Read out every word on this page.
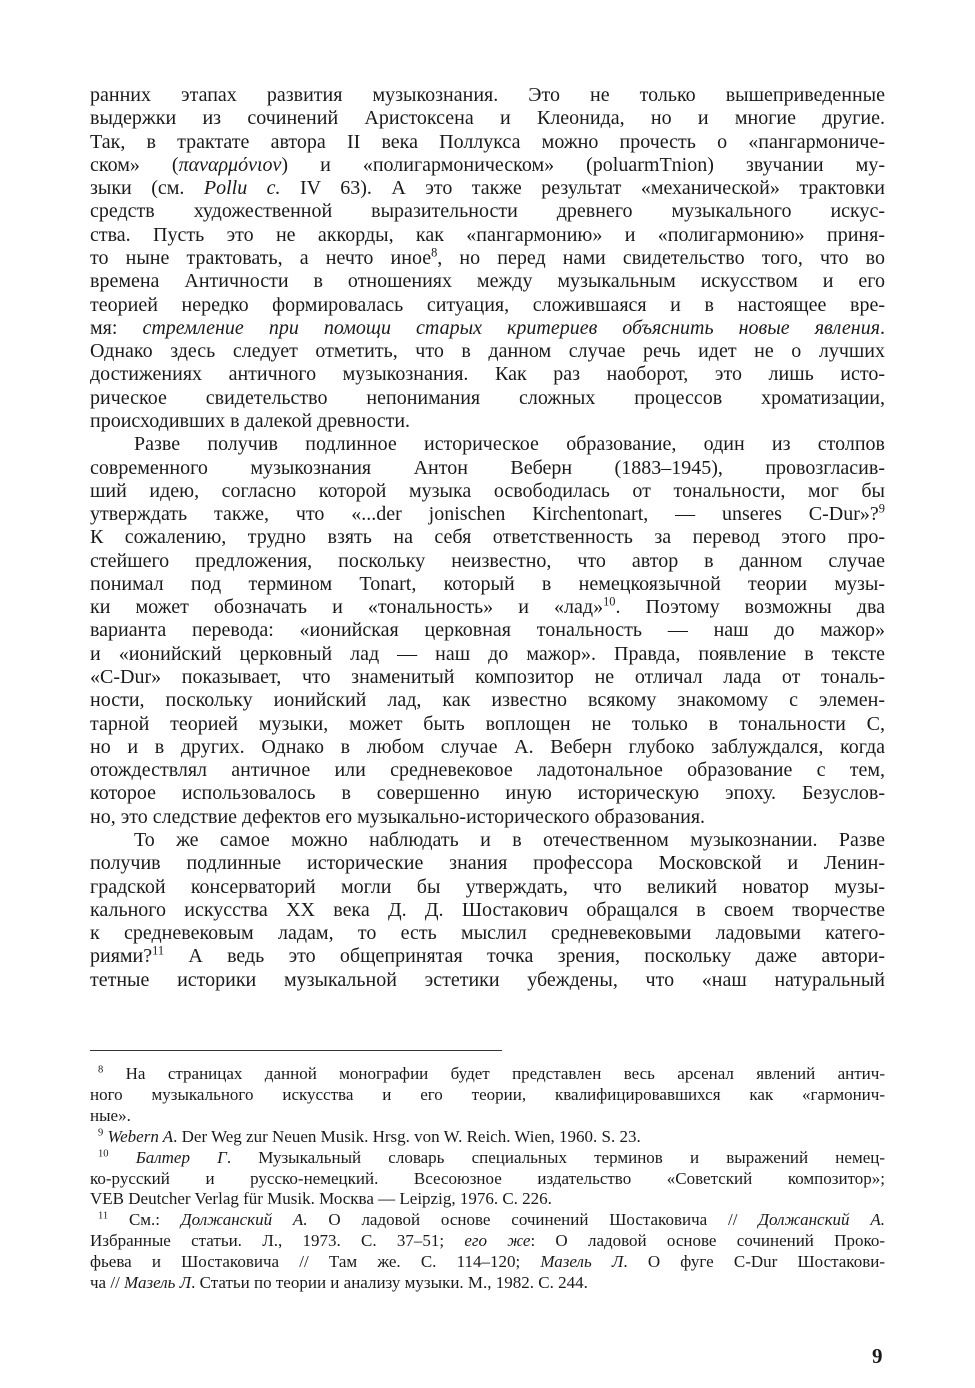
ранних этапах развития музыкознания. Это не только вышеприведенные
выдержки из сочинений Аристоксена и Клеонида, но и многие другие.
Так, в трактате автора II века Поллукса можно прочесть о «пангармониче-
ском» (παναρμόνιον) и «полигармоническом» (poluarmTnion) звучании му-
зыки (см. Pollu c. IV 63). А это также результат «механической» трактовки
средств художественной выразительности древнего музыкального искус-
ства. Пусть это не аккорды, как «пангармонию» и «полигармонию» приня-
то ныне трактовать, а нечто иное$^8$, но перед нами свидетельство того, что во
времена Античности в отношениях между музыкальным искусством и его
теорией нередко формировалась ситуация, сложившаяся и в настоящее вре-
мя: стремление при помощи старых критериев объяснить новые явления.
Однако здесь следует отметить, что в данном случае речь идет не о лучших
достижениях античного музыкознания. Как раз наоборот, это лишь исто-
рическое свидетельство непонимания сложных процессов хроматизации,
происходивших в далекой древности.
Разве получив подлинное историческое образование, один из столпов
современного музыкознания Антон Веберн (1883–1945), провозгласив-
ший идею, согласно которой музыка освободилась от тональности, мог бы
утверждать также, что «...der jonischen Kirchentonart, — unseres C-Dur»?$^9$
К сожалению, трудно взять на себя ответственность за перевод этого про-
стейшего предложения, поскольку неизвестно, что автор в данном случае
понимал под термином Tonart, который в немецкоязычной теории музы-
ки может обозначать и «тональность» и «лад»$^{10}$. Поэтому возможны два
варианта перевода: «ионийская церковная тональность — наш до мажор»
и «ионийский церковный лад — наш до мажор». Правда, появление в тексте
«C-Dur» показывает, что знаменитый композитор не отличал лада от тональ-
ности, поскольку ионийский лад, как известно всякому знакомому с элемен-
тарной теорией музыки, может быть воплощен не только в тональности C,
но и в других. Однако в любом случае А. Веберн глубоко заблуждался, когда
отождествлял античное или средневековое ладотональное образование с тем,
которое использовалось в совершенно иную историческую эпоху. Безуслов-
но, это следствие дефектов его музыкально-исторического образования.
То же самое можно наблюдать и в отечественном музыкознании. Разве
получив подлинные исторические знания профессора Московской и Ленин-
градской консерваторий могли бы утверждать, что великий новатор музы-
кального искусства XX века Д. Д. Шостакович обращался в своем творчестве
к средневековым ладам, то есть мыслил средневековыми ладовыми катего-
риями?$^{11}$ А ведь это общепринятая точка зрения, поскольку даже автори-
тетные историки музыкальной эстетики убеждены, что «наш натуральный
$^8$ На страницах данной монографии будет представлен весь арсенал явлений антич-
ного музыкального искусства и его теории, квалифицировавшихся как «гармонич-
ные».
$^9$ Webern A. Der Weg zur Neuen Musik. Hrsg. von W. Reich. Wien, 1960. S. 23.
$^{10}$ Балтер Г. Музыкальный словарь специальных терминов и выражений немец-
ко-русский и русско-немецкий. Всесоюзное издательство «Советский композитор»;
VEB Deutcher Verlag für Musik. Москва — Leipzig, 1976. С. 226.
$^{11}$ См.: Должанский А. О ладовой основе сочинений Шостаковича // Должанский А.
Избранные статьи. Л., 1973. С. 37–51; его же: О ладовой основе сочинений Проко-
фьева и Шостаковича // Там же. С. 114–120; Мазель Л. О фуге C-Dur Шостакови-
ча // Мазель Л. Статьи по теории и анализу музыки. М., 1982. С. 244.
9
